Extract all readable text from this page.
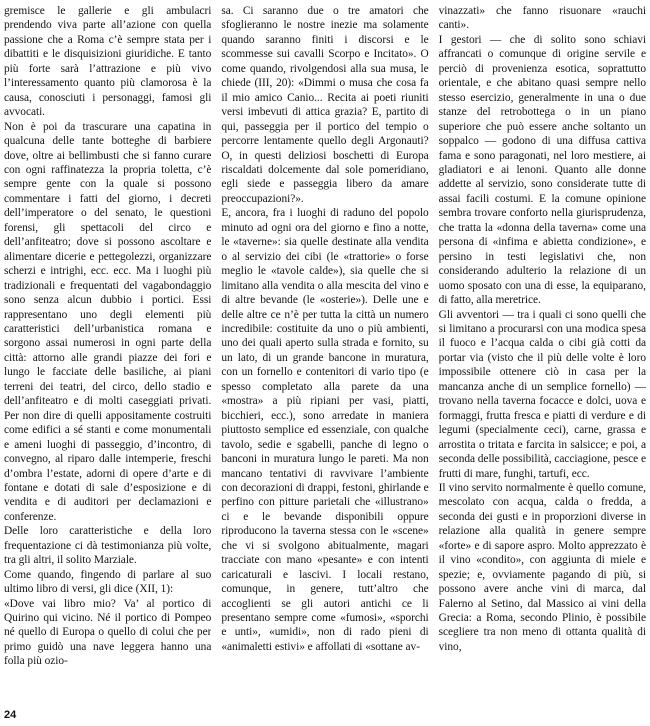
gremisce le gallerie e gli ambulacri prendendo viva parte all’azione con quella passione che a Roma c’è sempre stata per i dibattiti e le disquisizioni giuridiche. E tanto più forte sarà l’attrazione e più vivo l’interessamento quanto più clamorosa è la causa, conosciuti i personaggi, famosi gli avvocati.

Non è poi da trascurare una capatina in qualcuna delle tante botteghe di barbiere dove, oltre ai bellimbusti che si fanno curare con ogni raffinatezza la propria toletta, c’è sempre gente con la quale si possono commentare i fatti del giorno, i decreti dell’imperatore o del senato, le questioni forensi, gli spettacoli del circo e dell’anfiteatro; dove si possono ascoltare e alimentare dicerie e pettegolezzi, organizzare scherzi e intrighi, ecc. ecc. Ma i luoghi più tradizionali e frequentati del vagabondaggio sono senza alcun dubbio i portici. Essi rappresentano uno degli elementi più caratteristici dell’urbanistica romana e sorgono assai numerosi in ogni parte della città: attorno alle grandi piazze dei fori e lungo le facciate delle basiliche, ai piani terreni dei teatri, del circo, dello stadio e dell’anfiteatro e di molti caseggiati privati. Per non dire di quelli appositamente costruiti come edifici a sé stanti e come monumentali e ameni luoghi di passeggio, d’incontro, di convegno, al riparo dalle intemperie, freschi d’ombra l’estate, adorni di opere d’arte e di fontane e dotati di sale d’esposizione e di vendita e di auditori per declamazioni e conferenze.

Delle loro caratteristiche e della loro frequentazione ci dà testimonianza più volte, tra gli altri, il solito Marziale.

Come quando, fingendo di parlare al suo ultimo libro di versi, gli dice (XII, 1):

«Dove vai libro mio? Va’ al portico di Quirino qui vicino. Né il portico di Pompeo né quello di Europa o quello di colui che per primo guidò una nave leggera hanno una folla più ozio-

sa. Ci saranno due o tre amatori che sfoglieranno le nostre inezie ma solamente quando saranno finiti i discorsi e le scommesse sui cavalli Scorpo e Incitato». O come quando, rivolgendosi alla sua musa, le chiede (III, 20): «Dimmi o musa che cosa fa il mio amico Canio... Recita ai poeti riuniti versi imbevuti di attica grazia? E, partito di qui, passeggia per il portico del tempio o percorre lentamente quello degli Argonauti? O, in questi deliziosi boschetti di Europa riscaldati dolcemente dal sole pomeridiano, egli siede e passeggia libero da amare preoccupazioni?».

E, ancora, fra i luoghi di raduno del popolo minuto ad ogni ora del giorno e fino a notte, le «taverne»: sia quelle destinate alla vendita o al servizio dei cibi (le «trattorie» o forse meglio le «tavole calde»), sia quelle che si limitano alla vendita o alla mescita del vino e di altre bevande (le «osterie»). Delle une e delle altre ce n’è per tutta la città un numero incredibile: costituite da uno o più ambienti, uno dei quali aperto sulla strada e fornito, su un lato, di un grande bancone in muratura, con un fornello e contenitori di vario tipo (e spesso completato alla parete da una «mostra» a più ripiani per vasi, piatti, bicchieri, ecc.), sono arredate in maniera piuttosto semplice ed essenziale, con qualche tavolo, sedie e sgabelli, panche di legno o banconi in muratura lungo le pareti. Ma non mancano tentativi di ravvivare l’ambiente con decorazioni di drappi, festoni, ghirlande e perfino con pitture parietali che «illustrano» ci e le bevande disponibili oppure riproducono la taverna stessa con le «scene» che vi si svolgono abitualmente, magari tracciate con mano «pesante» e con intenti caricaturali e lascivi. I locali restano, comunque, in genere, tutt’altro che accoglienti se gli autori antichi ce li presentano sempre come «fumosi», «sporchi e unti», «umidi», non di rado pieni di «animaletti estivi» e affollati di «sottane av-

vinazzati» che fanno risuonare «rauchi canti».

I gestori — che di solito sono schiavi affrancati o comunque di origine servile e perciò di provenienza esotica, soprattutto orientale, e che abitano quasi sempre nello stesso esercizio, generalmente in una o due stanze del retrobottega o in un piano superiore che può essere anche soltanto un soppalco — godono di una diffusa cattiva fama e sono paragonati, nel loro mestiere, ai gladiatori e ai lenoni. Quanto alle donne addette al servizio, sono considerate tutte di assai facili costumi. E la comune opinione sembra trovare conforto nella giurisprudenza, che tratta la «donna della taverna» come una persona di «infima e abietta condizione», e persino in testi legislativi che, non considerando adulterio la relazione di un uomo sposato con una di esse, la equiparano, di fatto, alla meretrice.

Gli avventori — tra i quali ci sono quelli che si limitano a procurarsi con una modica spesa il fuoco e l’acqua calda o cibi già cotti da portar via (visto che il più delle volte è loro impossibile ottenere ciò in casa per la mancanza anche di un semplice fornello) — trovano nella taverna focacce e dolci, uova e formaggi, frutta fresca e piatti di verdure e di legumi (specialmente ceci), carne, grassa e arrostita o tritata e farcita in salsicce; e poi, a seconda delle possibilità, cacciagione, pesce e frutti di mare, funghi, tartufi, ecc.

Il vino servito normalmente è quello comune, mescolato con acqua, calda o fredda, a seconda dei gusti e in proporzioni diverse in relazione alla qualità in genere sempre «forte» e di sapore aspro. Molto apprezzato è il vino «condito», con aggiunta di miele e spezie; e, ovviamente pagando di più, si possono avere anche vini di marca, dal Falerno al Setino, dal Massico ai vini della Grecia: a Roma, secondo Plinio, è possibile scegliere tra non meno di ottanta qualità di vino,

24
